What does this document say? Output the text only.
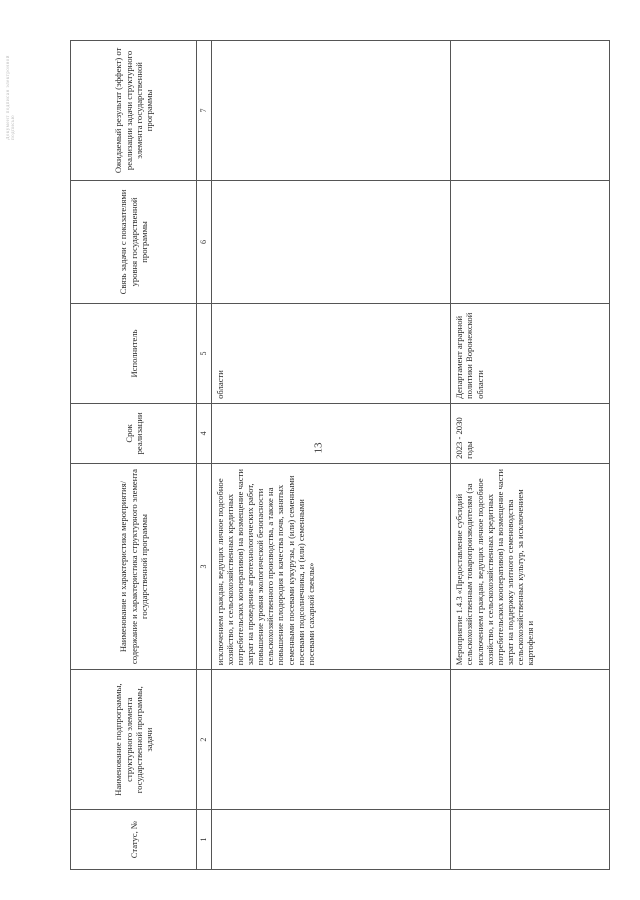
Документ подписан электронной подписью
13
Статус, №	Наименование подпрограммы, структурного элемента государственной программы, задачи	Наименование и характеристика мероприятия/содержание и характеристика структурного элемента государственной программы	Срок реализации	Исполнитель	Связь задачи с показателями уровня государственной программы	Ожидаемый результат (эффект) от реализации задачи структурного элемента государственной программы
1	2	3	4	5	6	7
		исключением граждан, ведущих личное подсобное хозяйство, и сельскохозяйственных кредитных потребительских кооперативов) на возмещение части затрат на проведение агротехнологических работ, повышение уровня экологической безопасности сельскохозяйственного производства, а также на повышение плодородия и качества почв, занятых семенными посевами кукурузы, и (или) семенными посевами подсолнечника, и (или) семенными посевами сахарной свеклы»		области		
		Мероприятие 1.4.3 «Предоставление субсидий сельскохозяйственным товаропроизводителям (за исключением граждан, ведущих личное подсобное хозяйство, и сельскохозяйственных кредитных потребительских кооперативов) на возмещение части затрат на поддержку элитного семеноводства сельскохозяйственных культур, за исключением картофеля и	2023 - 2030 годы	Департамент аграрной политики Воронежской области		
